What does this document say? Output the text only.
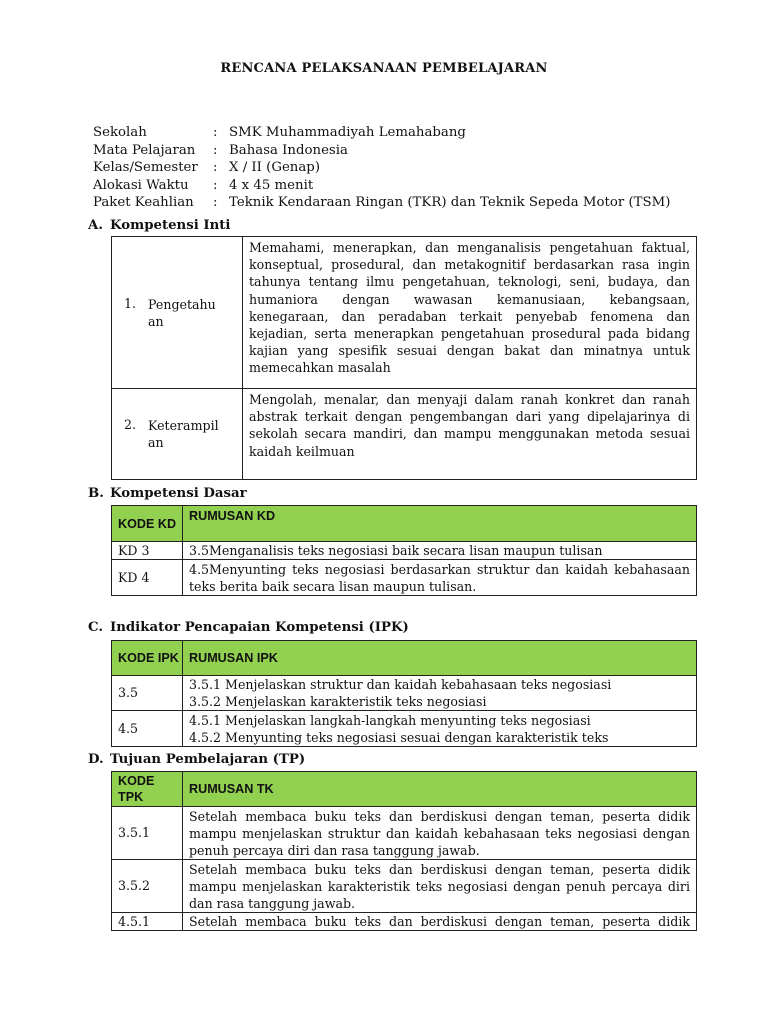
RENCANA PELAKSANAAN PEMBELAJARAN
Sekolah	: SMK Muhammadiyah Lemahabang
Mata Pelajaran	: Bahasa Indonesia
Kelas/Semester	: X / II (Genap)
Alokasi Waktu	: 4 x 45 menit
Paket Keahlian	: Teknik Kendaraan Ringan (TKR) dan Teknik Sepeda Motor (TSM)
A. Kompetensi Inti
1. Pengetahu an	Memahami, menerapkan, dan menganalisis pengetahuan faktual, konseptual, prosedural, dan metakognitif berdasarkan rasa ingin tahunya tentang ilmu pengetahuan, teknologi, seni, budaya, dan humaniora dengan wawasan kemanusiaan, kebangsaan, kenegaraan, dan peradaban terkait penyebab fenomena dan kejadian, serta menerapkan pengetahuan prosedural pada bidang kajian yang spesifik sesuai dengan bakat dan minatnya untuk memecahkan masalah

2. Keterampil an	Mengolah, menalar, dan menyaji dalam ranah konkret dan ranah abstrak terkait dengan pengembangan dari yang dipelajarinya di sekolah secara mandiri, dan mampu menggunakan metoda sesuai kaidah keilmuan
B. Kompetensi Dasar
KODE KD	RUMUSAN KD
KD 3	3.5Menganalisis teks negosiasi baik secara lisan maupun tulisan
KD 4	4.5Menyunting teks negosiasi berdasarkan struktur dan kaidah kebahasaan teks berita baik secara lisan maupun tulisan.
C. Indikator Pencapaian Kompetensi (IPK)
KODE IPK	RUMUSAN IPK
3.5	3.5.1 Menjelaskan struktur dan kaidah kebahasaan teks negosiasi
3.5.2 Menjelaskan karakteristik teks negosiasi

4.5	4.5.1 Menjelaskan langkah-langkah menyunting teks negosiasi
4.5.2 Menyunting teks negosiasi sesuai dengan karakteristik teks
D. Tujuan Pembelajaran (TP)
KODE TPK	RUMUSAN TK
3.5.1	Setelah membaca buku teks dan berdiskusi dengan teman, peserta didik mampu menjelaskan struktur dan kaidah kebahasaan teks negosiasi dengan penuh percaya diri dan rasa tanggung jawab.
3.5.2	Setelah membaca buku teks dan berdiskusi dengan teman, peserta didik mampu menjelaskan karakteristik teks negosiasi dengan penuh percaya diri dan rasa tanggung jawab.
4.5.1	Setelah membaca buku teks dan berdiskusi dengan teman, peserta didik
